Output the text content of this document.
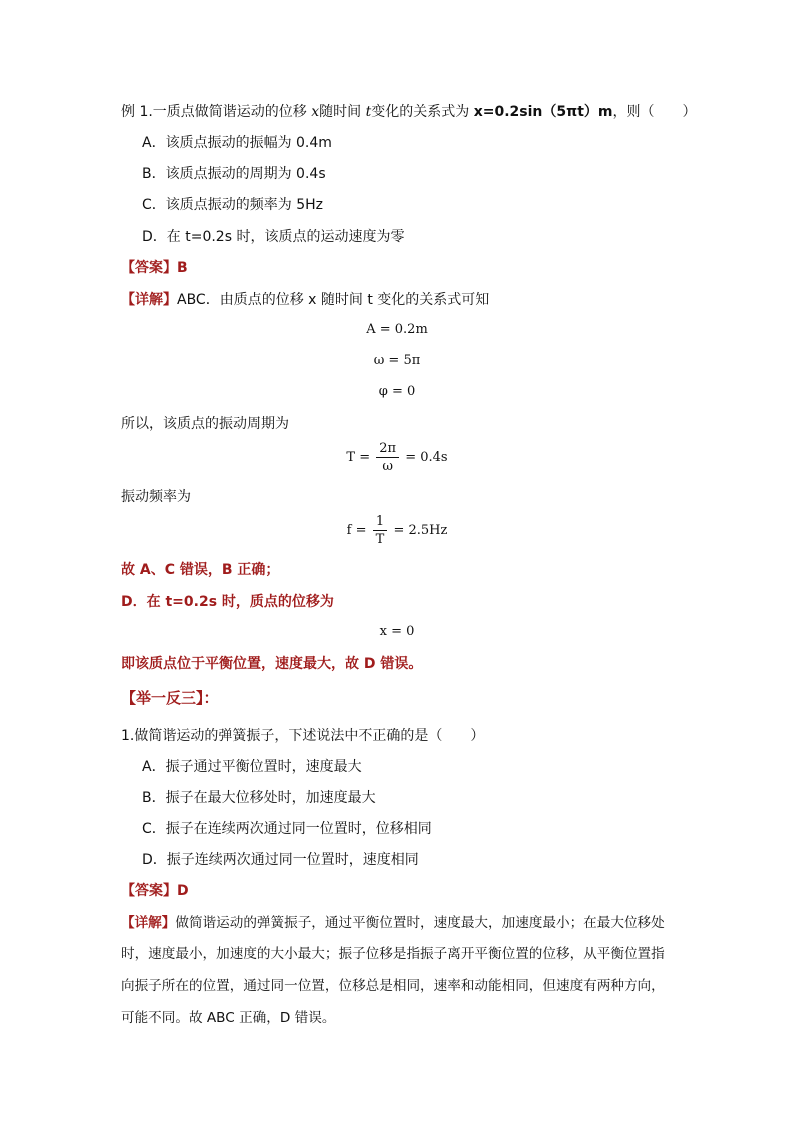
例 1.一质点做简谐运动的位移 x随时间 t变化的关系式为 x=0.2sin（5πt）m，则（　　）
A．该质点振动的振幅为 0.4m
B．该质点振动的周期为 0.4s
C．该质点振动的频率为 5Hz
D．在 t=0.2s 时，该质点的运动速度为零
【答案】B
【详解】ABC．由质点的位移 x 随时间 t 变化的关系式可知
A = 0.2m
ω = 5π
φ = 0
所以，该质点的振动周期为
$T = \frac{2\pi}{\omega} = 0.4s$
振动频率为
$f = \frac{1}{T} = 2.5Hz$
故 A、C 错误，B 正确；
D．在 t=0.2s 时，质点的位移为
x = 0
即该质点位于平衡位置，速度最大，故 D 错误。
【举一反三】：
1.做简谐运动的弹簧振子，下述说法中不正确的是（　　）
A．振子通过平衡位置时，速度最大
B．振子在最大位移处时，加速度最大
C．振子在连续两次通过同一位置时，位移相同
D．振子连续两次通过同一位置时，速度相同
【答案】D
【详解】做简谐运动的弹簧振子，通过平衡位置时，速度最大，加速度最小；在最大位移处
时，速度最小，加速度的大小最大；振子位移是指振子离开平衡位置的位移，从平衡位置指
向振子所在的位置，通过同一位置，位移总是相同，速率和动能相同，但速度有两种方向，
可能不同。故 ABC 正确，D 错误。
